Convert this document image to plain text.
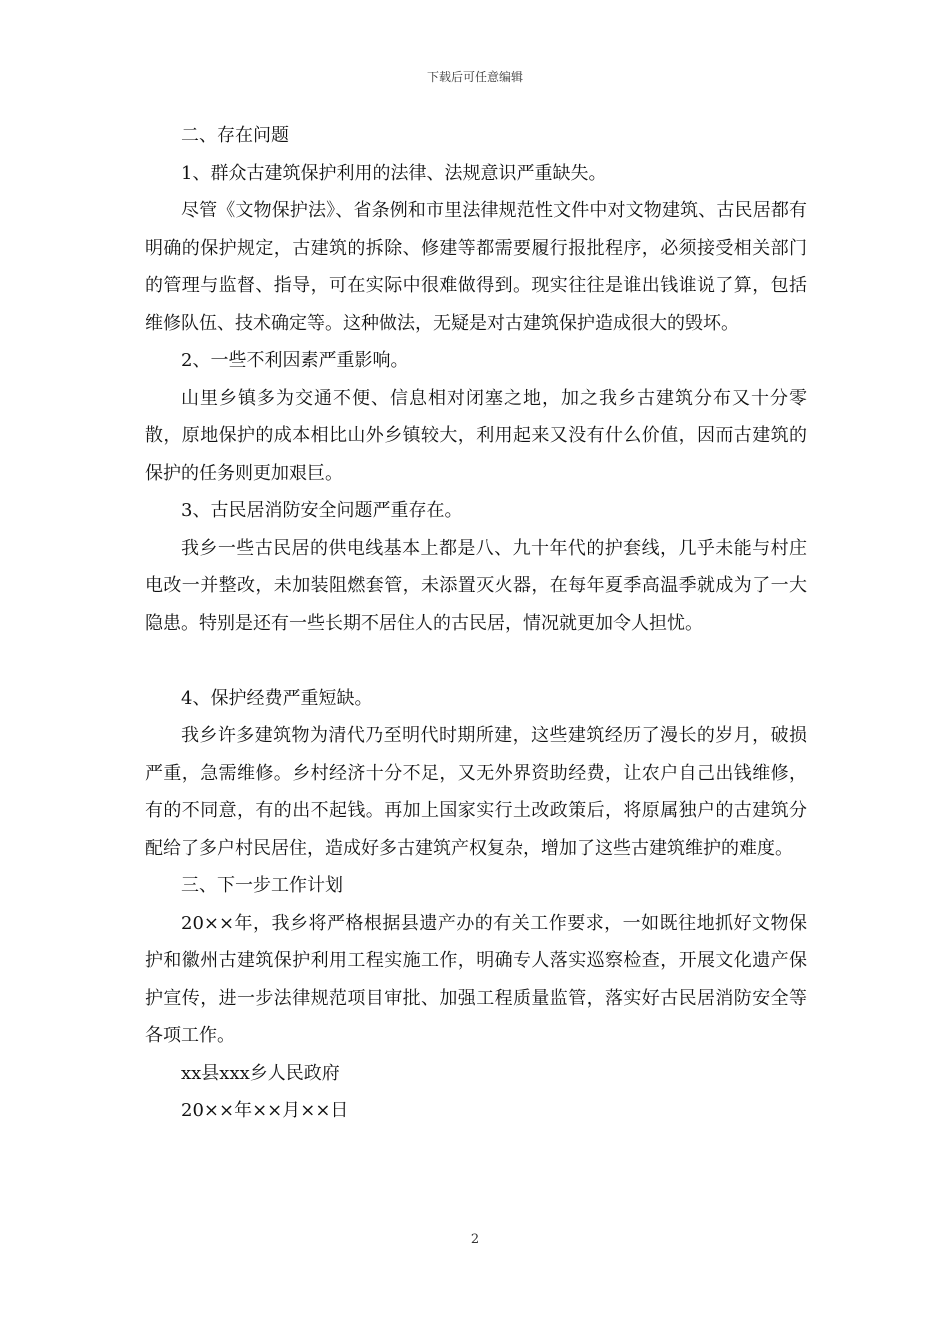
下载后可任意编辑

二、存在问题

1、群众古建筑保护利用的法律、法规意识严重缺失。

尽管《文物保护法》、省条例和市里法律规范性文件中对文物建筑、古民居都有明确的保护规定，古建筑的拆除、修建等都需要履行报批程序，必须接受相关部门的管理与监督、指导，可在实际中很难做得到。现实往往是谁出钱谁说了算，包括维修队伍、技术确定等。这种做法，无疑是对古建筑保护造成很大的毁坏。

2、一些不利因素严重影响。

山里乡镇多为交通不便、信息相对闭塞之地，加之我乡古建筑分布又十分零散，原地保护的成本相比山外乡镇较大，利用起来又没有什么价值，因而古建筑的保护的任务则更加艰巨。

3、古民居消防安全问题严重存在。

我乡一些古民居的供电线基本上都是八、九十年代的护套线，几乎未能与村庄电改一并整改，未加装阻燃套管，未添置灭火器，在每年夏季高温季就成为了一大隐患。特别是还有一些长期不居住人的古民居，情况就更加令人担忧。

4、保护经费严重短缺。

我乡许多建筑物为清代乃至明代时期所建，这些建筑经历了漫长的岁月，破损严重，急需维修。乡村经济十分不足，又无外界资助经费，让农户自己出钱维修，有的不同意，有的出不起钱。再加上国家实行土改政策后，将原属独户的古建筑分配给了多户村民居住，造成好多古建筑产权复杂，增加了这些古建筑维护的难度。

三、下一步工作计划

20××年，我乡将严格根据县遗产办的有关工作要求，一如既往地抓好文物保护和徽州古建筑保护利用工程实施工作，明确专人落实巡察检查，开展文化遗产保护宣传，进一步法律规范项目审批、加强工程质量监管，落实好古民居消防安全等各项工作。

xx县xxx乡人民政府

20××年××月××日

2
